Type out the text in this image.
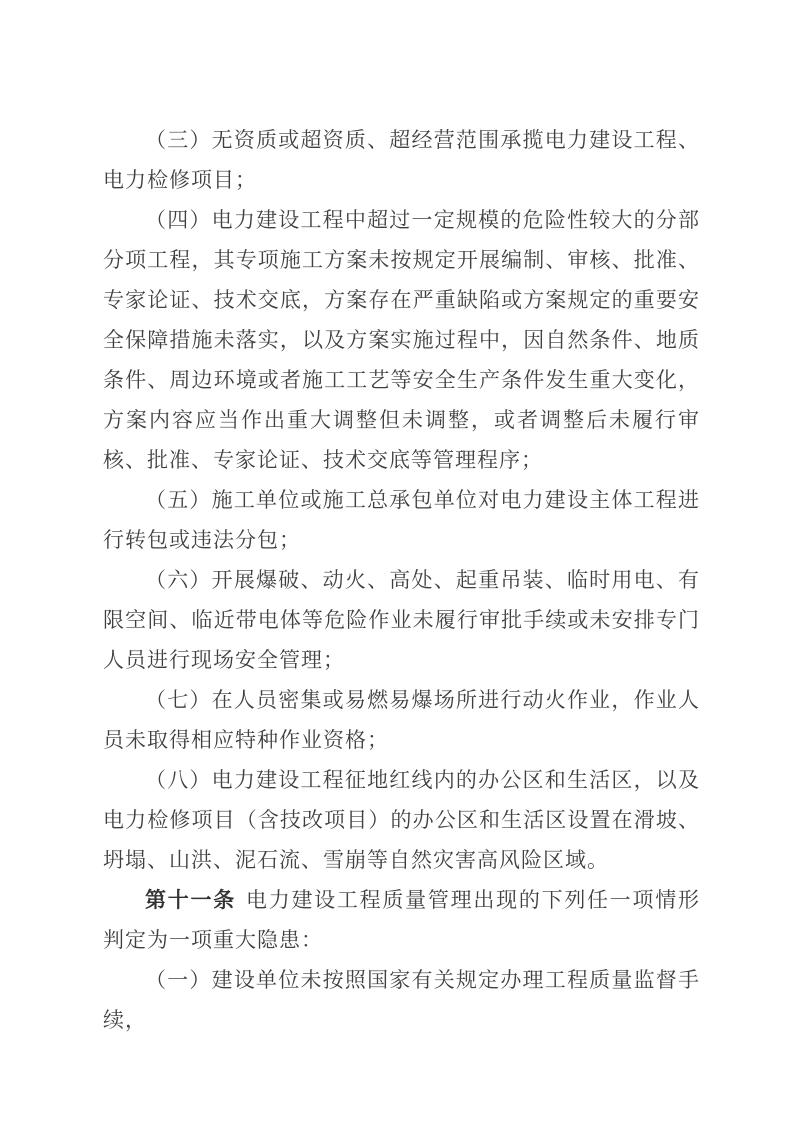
（三）无资质或超资质、超经营范围承揽电力建设工程、电力检修项目；

（四）电力建设工程中超过一定规模的危险性较大的分部分项工程，其专项施工方案未按规定开展编制、审核、批准、专家论证、技术交底，方案存在严重缺陷或方案规定的重要安全保障措施未落实，以及方案实施过程中，因自然条件、地质条件、周边环境或者施工工艺等安全生产条件发生重大变化，方案内容应当作出重大调整但未调整，或者调整后未履行审核、批准、专家论证、技术交底等管理程序；

（五）施工单位或施工总承包单位对电力建设主体工程进行转包或违法分包；

（六）开展爆破、动火、高处、起重吊装、临时用电、有限空间、临近带电体等危险作业未履行审批手续或未安排专门人员进行现场安全管理；

（七）在人员密集或易燃易爆场所进行动火作业，作业人员未取得相应特种作业资格；

（八）电力建设工程征地红线内的办公区和生活区，以及电力检修项目（含技改项目）的办公区和生活区设置在滑坡、坍塌、山洪、泥石流、雪崩等自然灾害高风险区域。

第十一条 电力建设工程质量管理出现的下列任一项情形判定为一项重大隐患：

（一）建设单位未按照国家有关规定办理工程质量监督手续，
